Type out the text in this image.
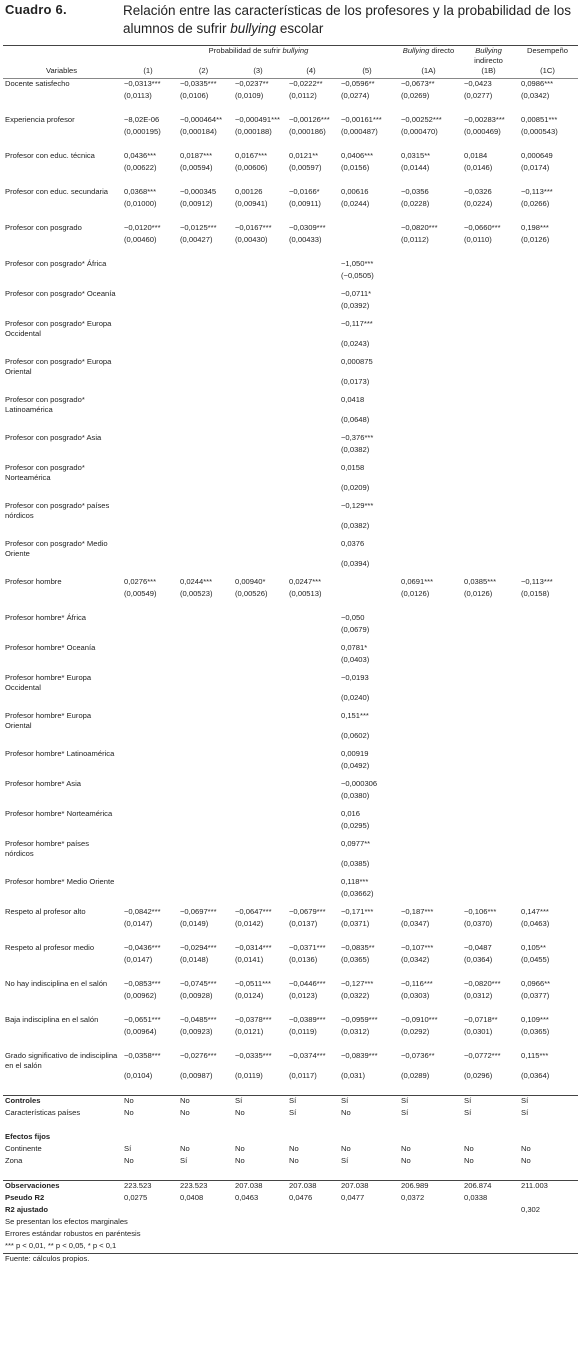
Cuadro 6.	Relación entre las características de los profesores y la probabilidad de los alumnos de sufrir bullying escolar
	Probabilidad de sufrir bullying					Bullying directo	Bullying indirecto	Desempeño
Variables	(1)	(2)	(3)	(4)	(5)	(1A)	(1B)	(1C)
Docente satisfecho	−0,0313***	−0,0335***	−0,0237**	−0,0222**	−0,0596**	−0,0673**	−0,0423	0,0986***
	(0,0113)	(0,0106)	(0,0109)	(0,0112)	(0,0274)	(0,0269)	(0,0277)	(0,0342)
Experiencia profesor	−8,02E-06	−0,000464**	−0,000491***	−0,00126***	−0,00161***	−0,00252***	−0,00283***	0,00851***
	(0,000195)	(0,000184)	(0,000188)	(0,000186)	(0,000487)	(0,000470)	(0,000469)	(0,000543)
Profesor con educ. técnica	0,0436***	0,0187***	0,0167***	0,0121**	0,0406***	0,0315**	0,0184	0,000649
	(0,00622)	(0,00594)	(0,00606)	(0,00597)	(0,0156)	(0,0144)	(0,0146)	(0,0174)
Profesor con educ. secundaria	0,0368***	−0,000345	0,00126	−0,0166*	0,00616	−0,0356	−0,0326	−0,113***
	(0,01000)	(0,00912)	(0,00941)	(0,00911)	(0,0244)	(0,0228)	(0,0224)	(0,0266)
Profesor con posgrado	−0,0120***	−0,0125***	−0,0167***	−0,0309***		−0,0820***	−0,0660***	0,198***
	(0,00460)	(0,00427)	(0,00430)	(0,00433)		(0,0112)	(0,0110)	(0,0126)
Profesor con posgrado* África					−1,050***			
					(−0,0505)			
Profesor con posgrado* Oceanía					−0,0711*			
					(0,0392)			
Profesor con posgrado* Europa Occidental					−0,117***			
					(0,0243)			
Profesor con posgrado* Europa Oriental					0,000875			
					(0,0173)			
Profesor con posgrado* Latinoamérica					0,0418			
					(0,0648)			
Profesor con posgrado* Asia					−0,376***			
					(0,0382)			
Profesor con posgrado* Norteamérica					0,0158			
					(0,0209)			
Profesor con posgrado* países nórdicos					−0,129***			
					(0,0382)			
Profesor con posgrado* Medio Oriente					0,0376			
					(0,0394)			
Profesor hombre	0,0276***	0,0244***	0,00940*	0,0247***		0,0691***	0,0385***	−0,113***
	(0,00549)	(0,00523)	(0,00526)	(0,00513)		(0,0126)	(0,0126)	(0,0158)
Profesor hombre* África					−0,050			
					(0,0679)			
Profesor hombre* Oceanía					0,0781*			
					(0,0403)			
Profesor hombre* Europa Occidental					−0,0193			
					(0,0240)			
Profesor hombre* Europa Oriental					0,151***			
					(0,0602)			
Profesor hombre* Latinoamérica					0,00919			
					(0,0492)			
Profesor hombre* Asia					−0,000306			
					(0,0380)			
Profesor hombre* Norteamérica					0,016			
					(0,0295)			
Profesor hombre* países nórdicos					0,0977**			
					(0,0385)			
Profesor hombre* Medio Oriente					0,118***			
					(0,03662)			
Respeto al profesor alto	−0,0842***	−0,0697***	−0,0647***	−0,0679***	−0,171***	−0,187***	−0,106***	0,147***
	(0,0147)	(0,0149)	(0,0142)	(0,0137)	(0,0371)	(0,0347)	(0,0370)	(0,0463)
Respeto al profesor medio	−0,0436***	−0,0294***	−0,0314***	−0,0371***	−0,0835**	−0,107***	−0,0487	0,105**
	(0,0147)	(0,0148)	(0,0141)	(0,0136)	(0,0365)	(0,0342)	(0,0364)	(0,0455)
No hay indisciplina en el salón	−0,0853***	−0,0745***	−0,0511***	−0,0446***	−0,127***	−0,116***	−0,0820***	0,0966**
	(0,00962)	(0,00928)	(0,0124)	(0,0123)	(0,0322)	(0,0303)	(0,0312)	(0,0377)
Baja indisciplina en el salón	−0,0651***	−0,0485***	−0,0378***	−0,0389***	−0,0959***	−0,0910***	−0,0718**	0,109***
	(0,00964)	(0,00923)	(0,0121)	(0,0119)	(0,0312)	(0,0292)	(0,0301)	(0,0365)
Grado significativo de indisciplina en el salón	−0,0358***	−0,0276***	−0,0335***	−0,0374***	−0,0839***	−0,0736**	−0,0772***	0,115***
	(0,0104)	(0,00987)	(0,0119)	(0,0117)	(0,031)	(0,0289)	(0,0296)	(0,0364)
Controles	No	No	Sí	Sí	Sí	Sí	Sí	Sí
Características países	No	No	No	Sí	No	Sí	Sí	Sí

Efectos fijos								
Continente	Sí	No	No	No	No	No	No	No
Zona	No	Sí	No	No	Sí	No	No	No

Observaciones	223.523	223.523	207.038	207.038	207.038	206.989	206.874	211.003
Pseudo R2	0,0275	0,0408	0,0463	0,0476	0,0477	0,0372	0,0338	
R2 ajustado								0,302
Se presentan los efectos marginales								
Errores estándar robustos en paréntesis								
*** p < 0,01, ** p < 0,05, * p < 0,1								
Fuente: cálculos propios.								
